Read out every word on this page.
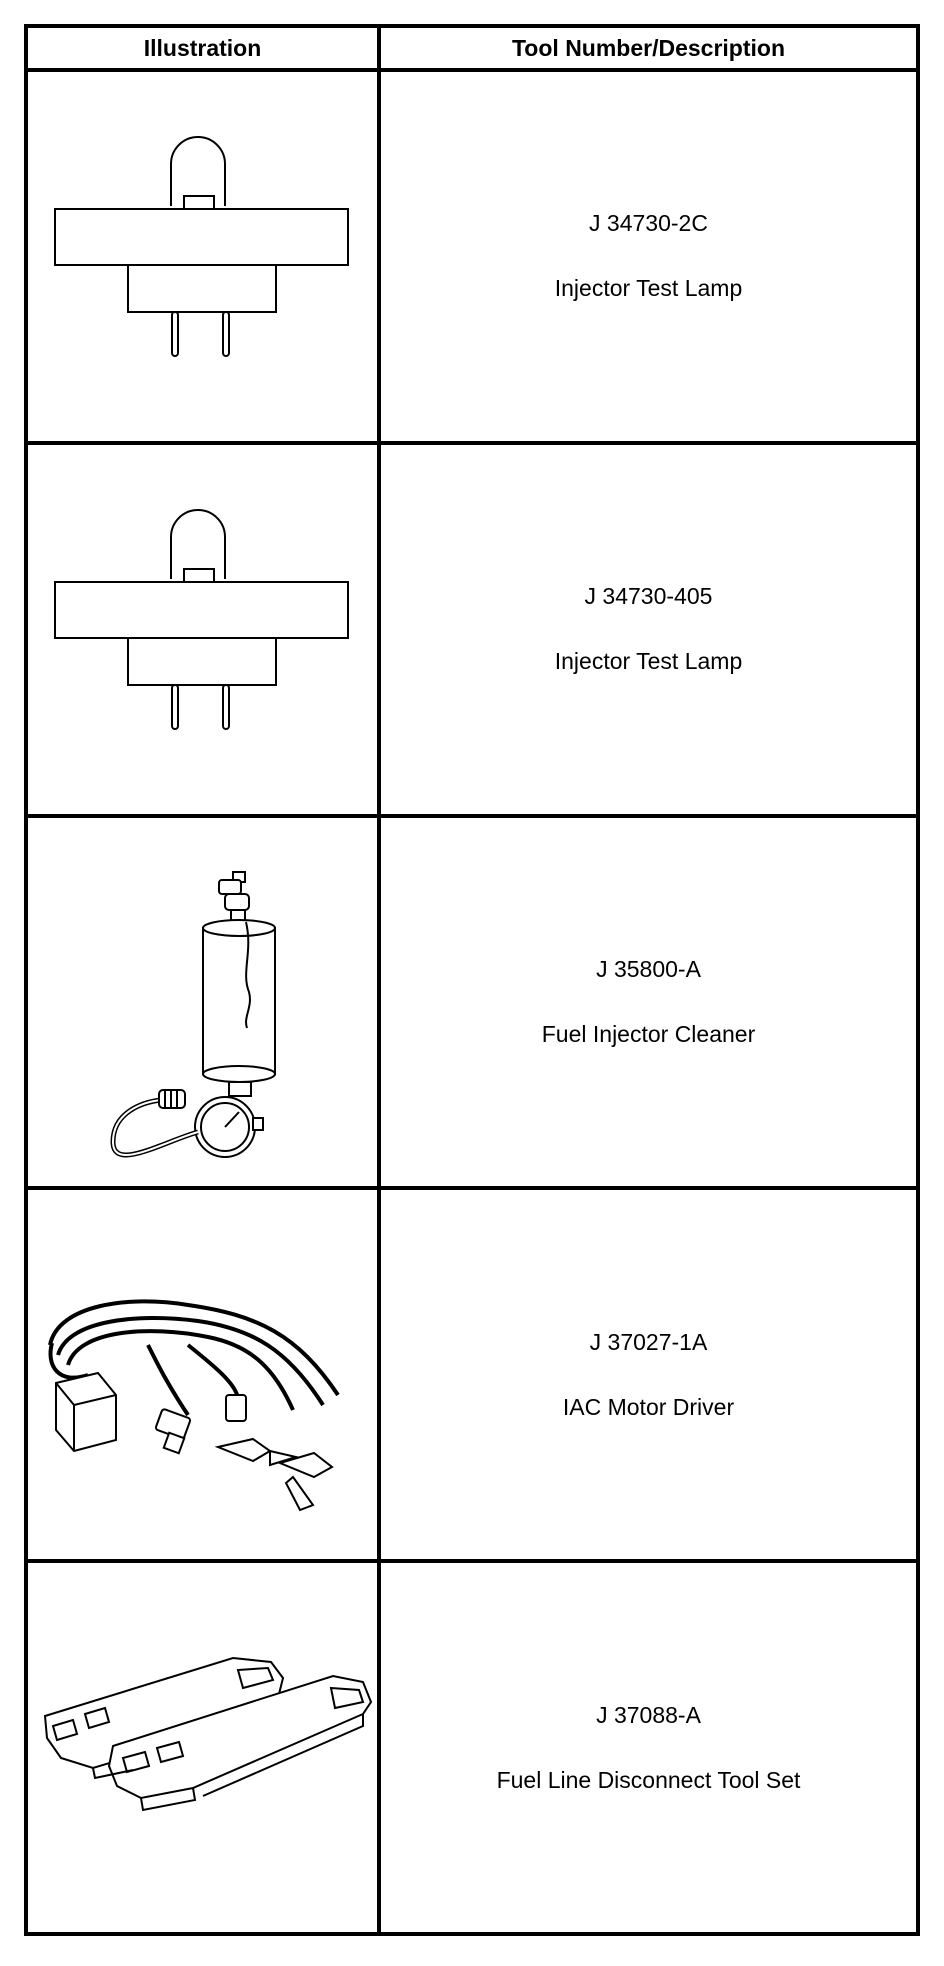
Illustration	Tool Number/Description
J 34730-2C
Injector Test Lamp
J 34730-405
Injector Test Lamp
J 35800-A
Fuel Injector Cleaner
J 37027-1A
IAC Motor Driver
J 37088-A
Fuel Line Disconnect Tool Set
